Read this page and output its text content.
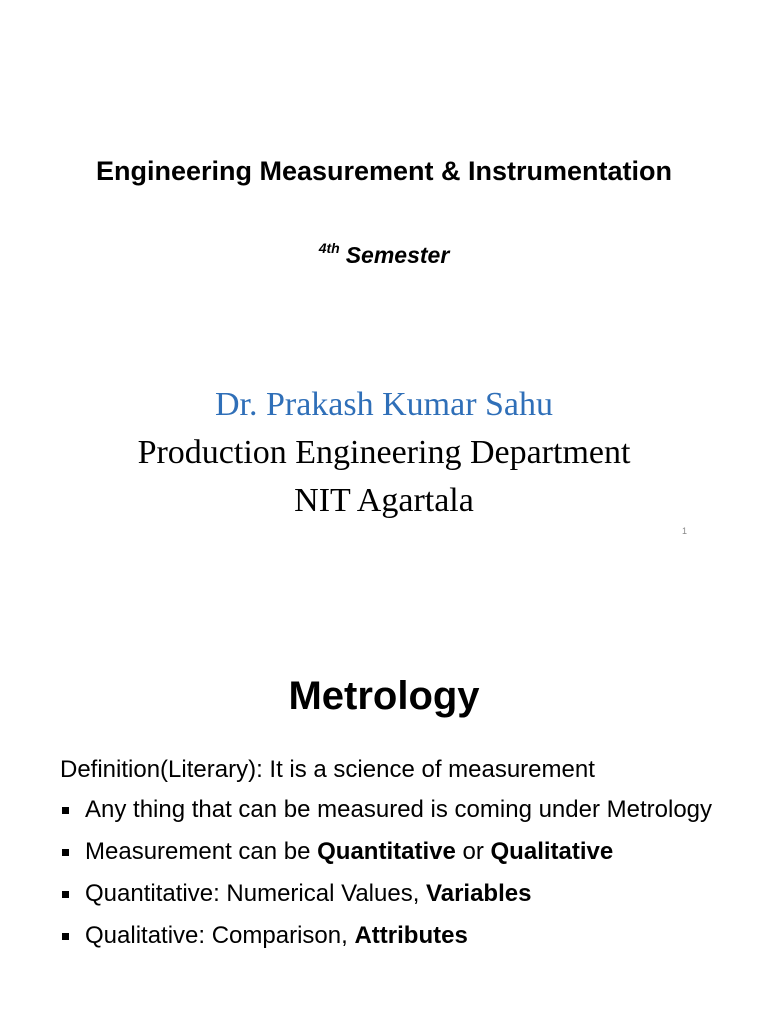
Engineering Measurement & Instrumentation
$^{4th}$ Semester
Dr. Prakash Kumar Sahu
Production Engineering Department
NIT Agartala
1
Metrology
Definition(Literary): It is a science of measurement
Any thing that can be measured is coming under Metrology
Measurement can be Quantitative or Qualitative
Quantitative: Numerical Values, Variables
Qualitative: Comparison, Attributes
